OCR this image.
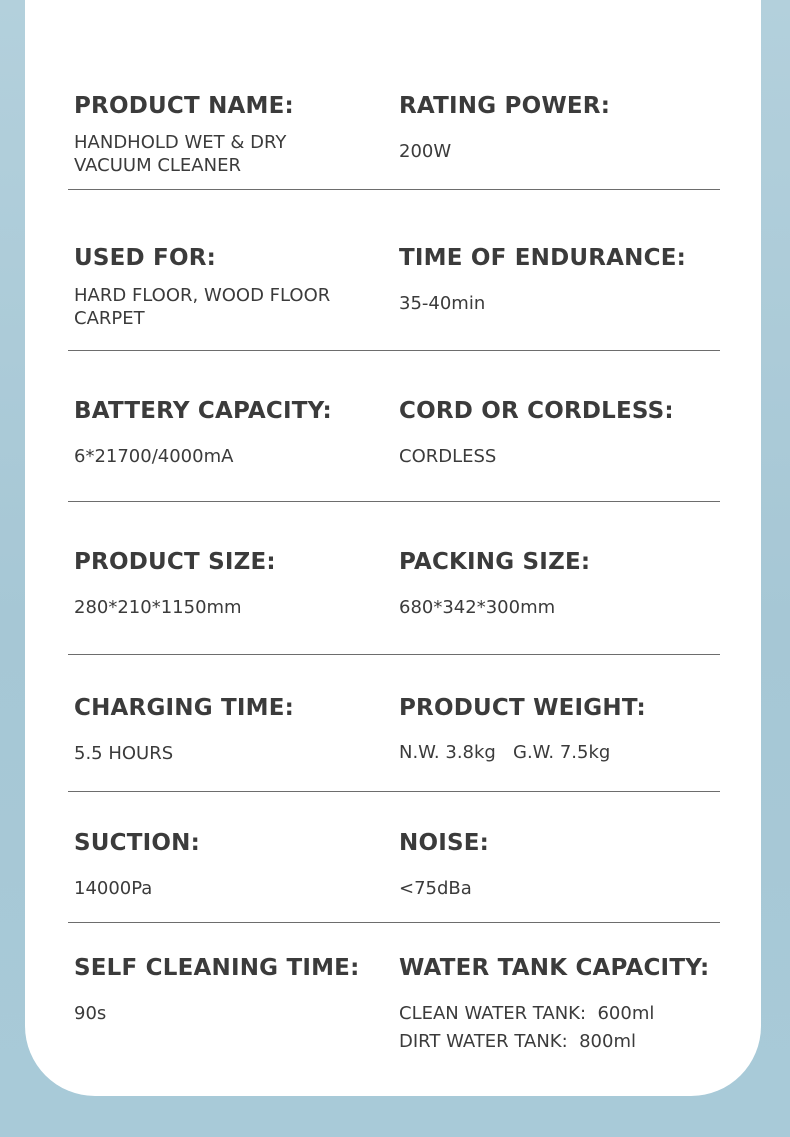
PRODUCT NAME:
HANDHOLD WET & DRY
VACUUM CLEANER
RATING POWER:
200W
USED FOR:
HARD FLOOR, WOOD FLOOR
CARPET
TIME OF ENDURANCE:
35-40min
BATTERY CAPACITY:
6*21700/4000mA
CORD OR CORDLESS:
CORDLESS
PRODUCT SIZE:
280*210*1150mm
PACKING SIZE:
680*342*300mm
CHARGING TIME:
5.5 HOURS
PRODUCT WEIGHT:
N.W. 3.8kg   G.W. 7.5kg
SUCTION:
14000Pa
NOISE:
<75dBa
SELF CLEANING TIME:
90s
WATER TANK CAPACITY:
CLEAN WATER TANK:  600ml
DIRT WATER TANK:  800ml
